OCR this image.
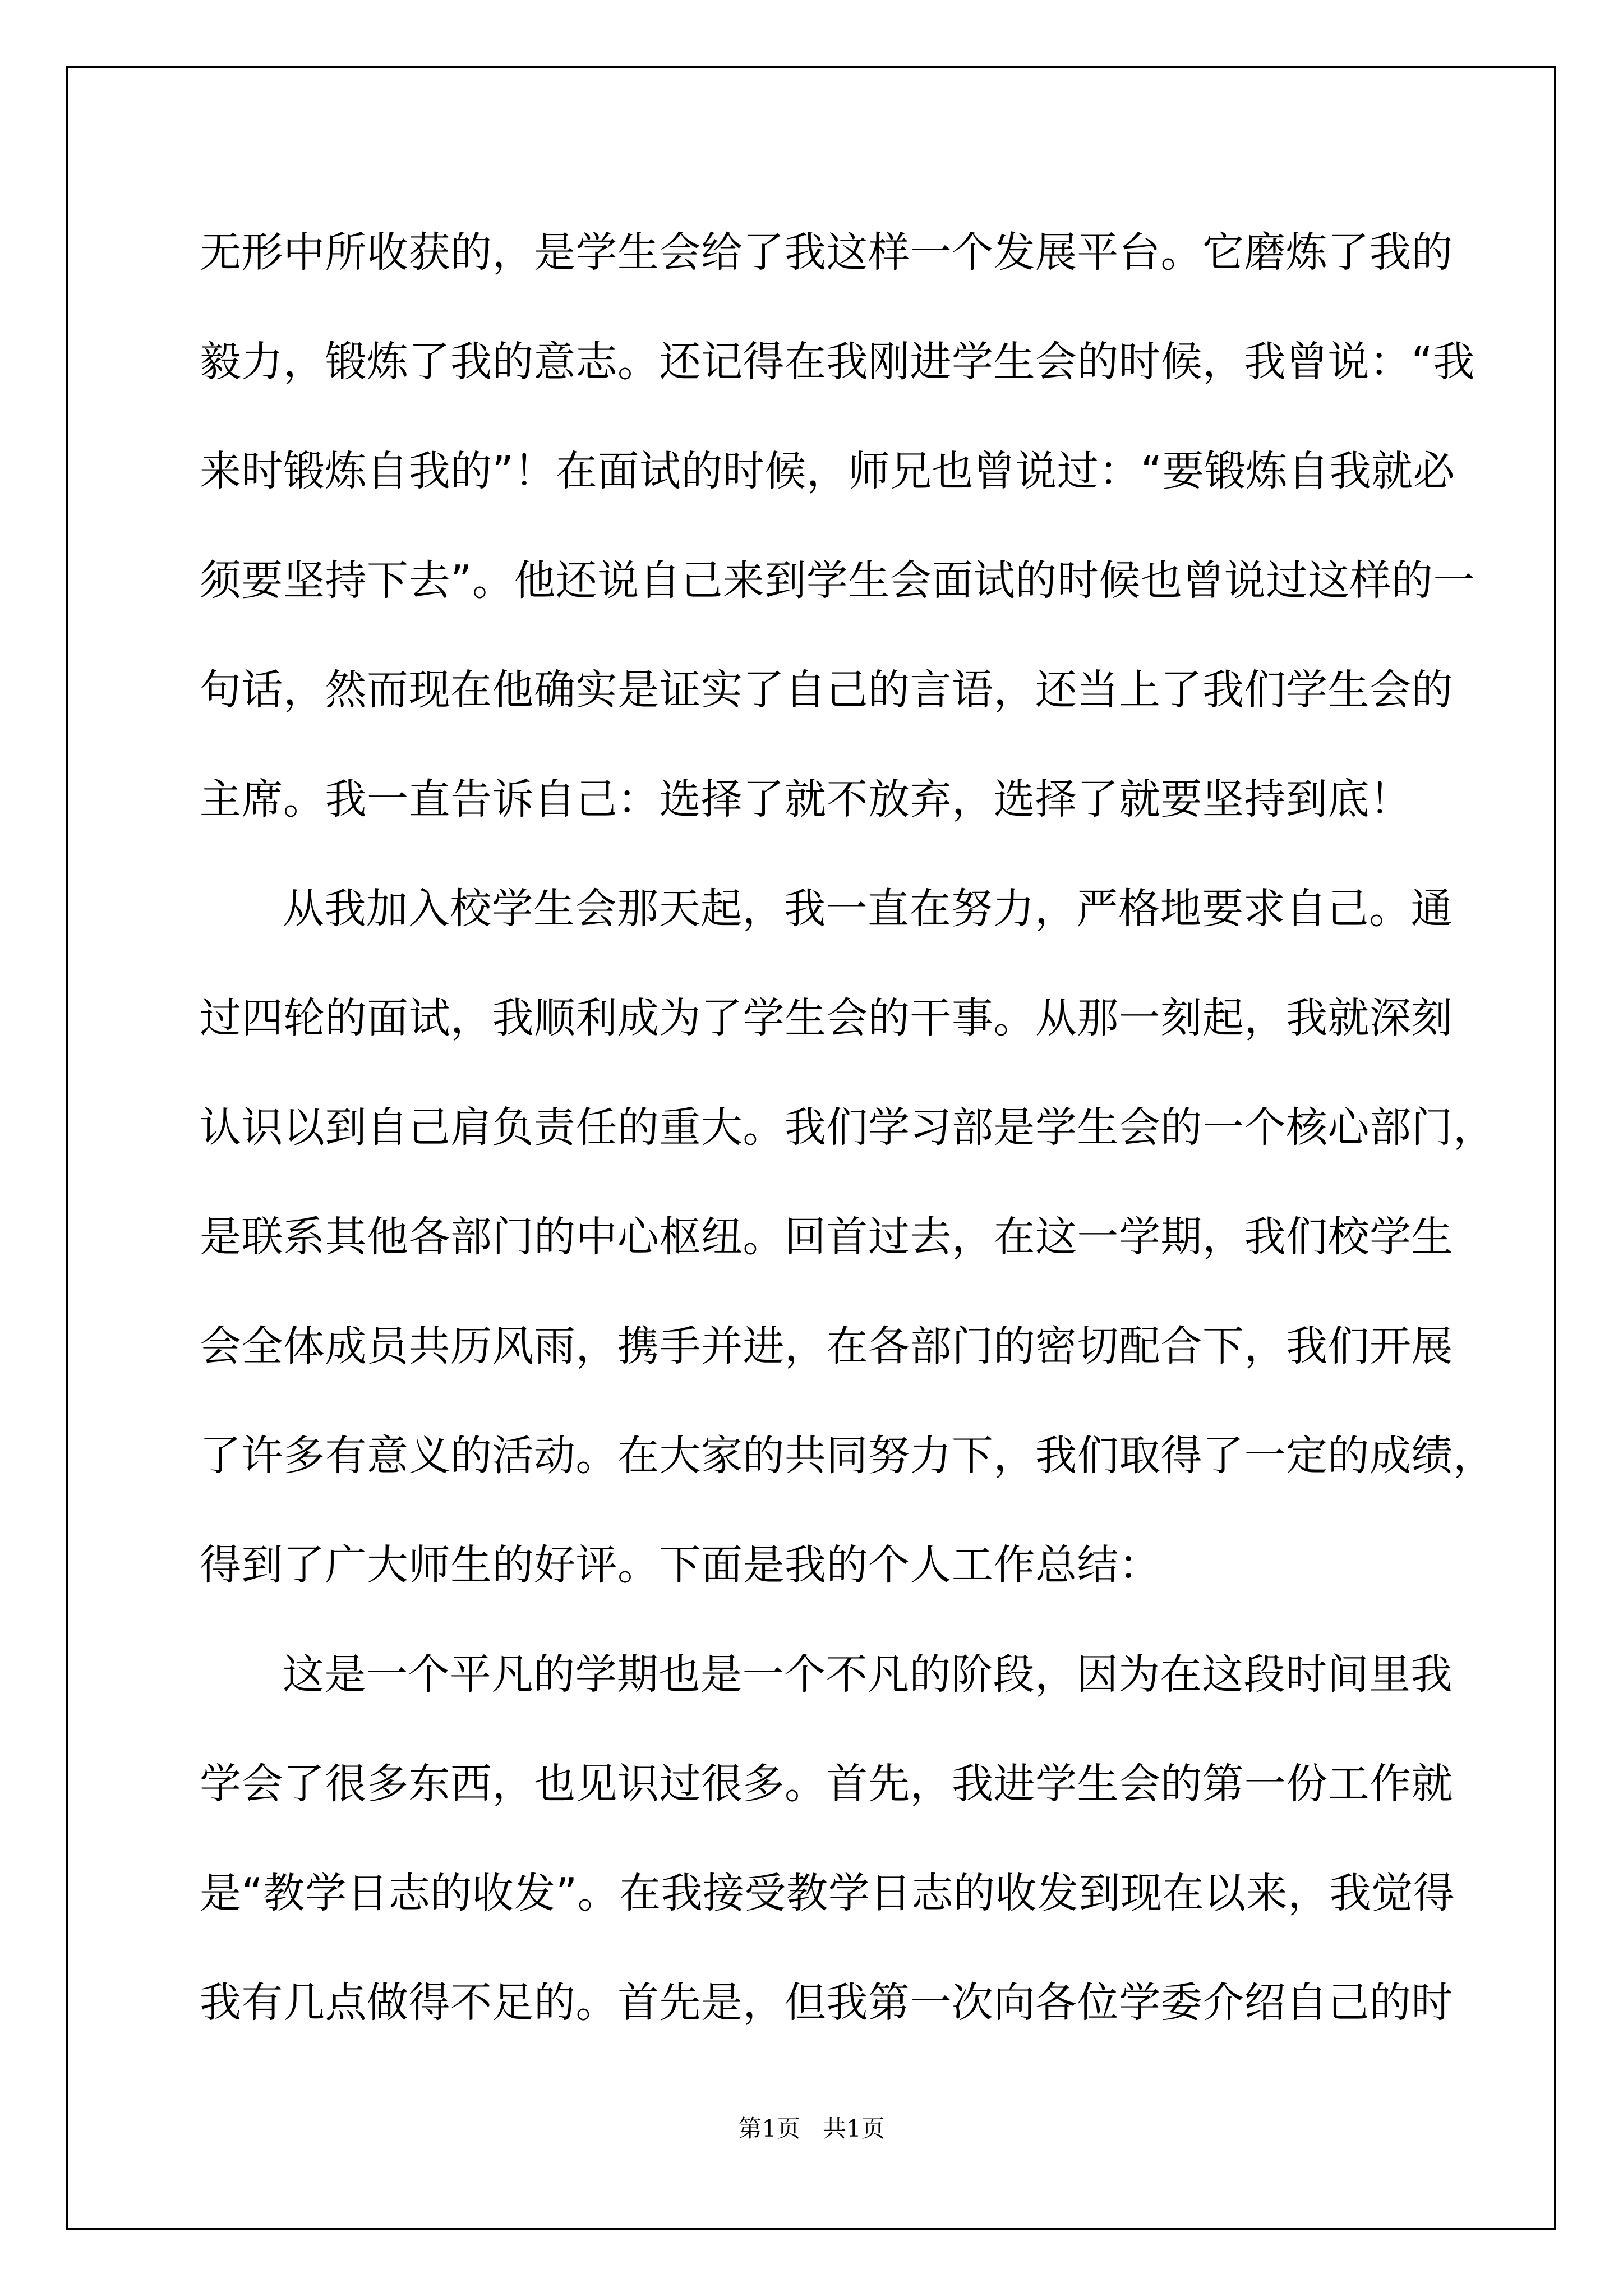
无形中所收获的，是学生会给了我这样一个发展平台。它磨炼了我的
毅力，锻炼了我的意志。还记得在我刚进学生会的时候，我曾说：“我
来时锻炼自我的”！在面试的时候，师兄也曾说过：“要锻炼自我就必
须要坚持下去”。他还说自己来到学生会面试的时候也曾说过这样的一
句话，然而现在他确实是证实了自己的言语，还当上了我们学生会的
主席。我一直告诉自己：选择了就不放弃，选择了就要坚持到底！
从我加入校学生会那天起，我一直在努力，严格地要求自己。通
过四轮的面试，我顺利成为了学生会的干事。从那一刻起，我就深刻
认识以到自己肩负责任的重大。我们学习部是学生会的一个核心部门，
是联系其他各部门的中心枢纽。回首过去，在这一学期，我们校学生
会全体成员共历风雨，携手并进，在各部门的密切配合下，我们开展
了许多有意义的活动。在大家的共同努力下，我们取得了一定的成绩，
得到了广大师生的好评。下面是我的个人工作总结：
这是一个平凡的学期也是一个不凡的阶段，因为在这段时间里我
学会了很多东西，也见识过很多。首先，我进学生会的第一份工作就
是“教学日志的收发”。在我接受教学日志的收发到现在以来，我觉得
我有几点做得不足的。首先是，但我第一次向各位学委介绍自己的时
第1页 共1页
